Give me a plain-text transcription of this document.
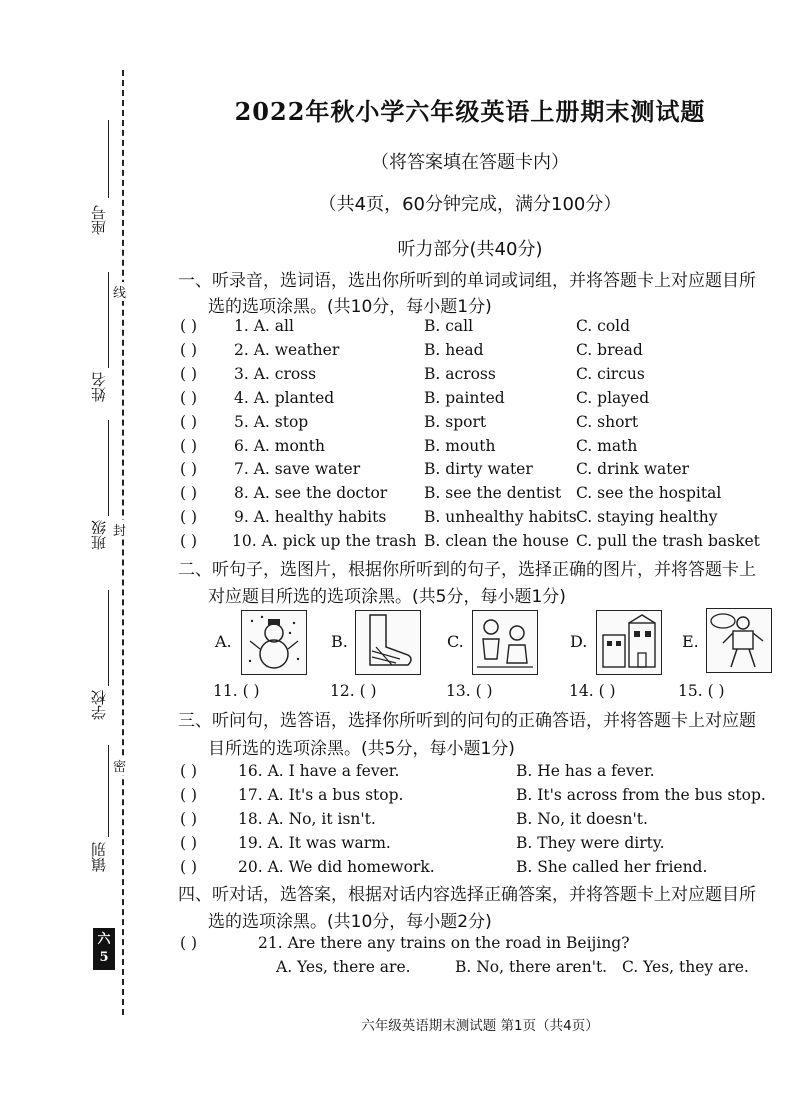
座号
姓名
班级
学校
镇别
线
封
密
六
5
2022年秋小学六年级英语上册期末测试题
（将答案填在答题卡内）
（共4页，60分钟完成，满分100分）
听力部分(共40分)
一、听录音，选词语，选出你所听到的单词或词组，并将答题卡上对应题目所
选的选项涂黑。(共10分，每小题1分)
( ) 1. A. all	B. call	C. cold
( ) 2. A. weather	B. head	C. bread
( ) 3. A. cross	B. across	C. circus
( ) 4. A. planted	B. painted	C. played
( ) 5. A. stop	B. sport	C. short
( ) 6. A. month	B. mouth	C. math
( ) 7. A. save water	B. dirty water	C. drink water
( ) 8. A. see the doctor B. see the dentist C. see the hospital
( ) 9. A. healthy habits B. unhealthy habits C. staying healthy
( ) 10. A. pick up the trash B. clean the house C. pull the trash basket
二、听句子，选图片，根据你所听到的句子，选择正确的图片，并将答题卡上
对应题目所选的选项涂黑。(共5分，每小题1分)
A.	B.	C.	D.	E.
11. ( )	12. ( )	13. ( )	14. ( )	15. ( )
三、听问句，选答语，选择你所听到的问句的正确答语，并将答题卡上对应题
目所选的选项涂黑。(共5分，每小题1分)
( )	16. A. I have a fever.	B. He has a fever.
( )	17. A. It's a bus stop.	B. It's across from the bus stop.
( )	18. A. No, it isn't.	B. No, it doesn't.
( )	19. A. It was warm.	B. They were dirty.
( )	20. A. We did homework.	B. She called her friend.
四、听对话，选答案，根据对话内容选择正确答案，并将答题卡上对应题目所
选的选项涂黑。(共10分，每小题2分)
( )	21. Are there any trains on the road in Beijing?
A. Yes, there are.	B. No, there aren't. C. Yes, they are.
六年级英语期末测试题 第1页（共4页）
